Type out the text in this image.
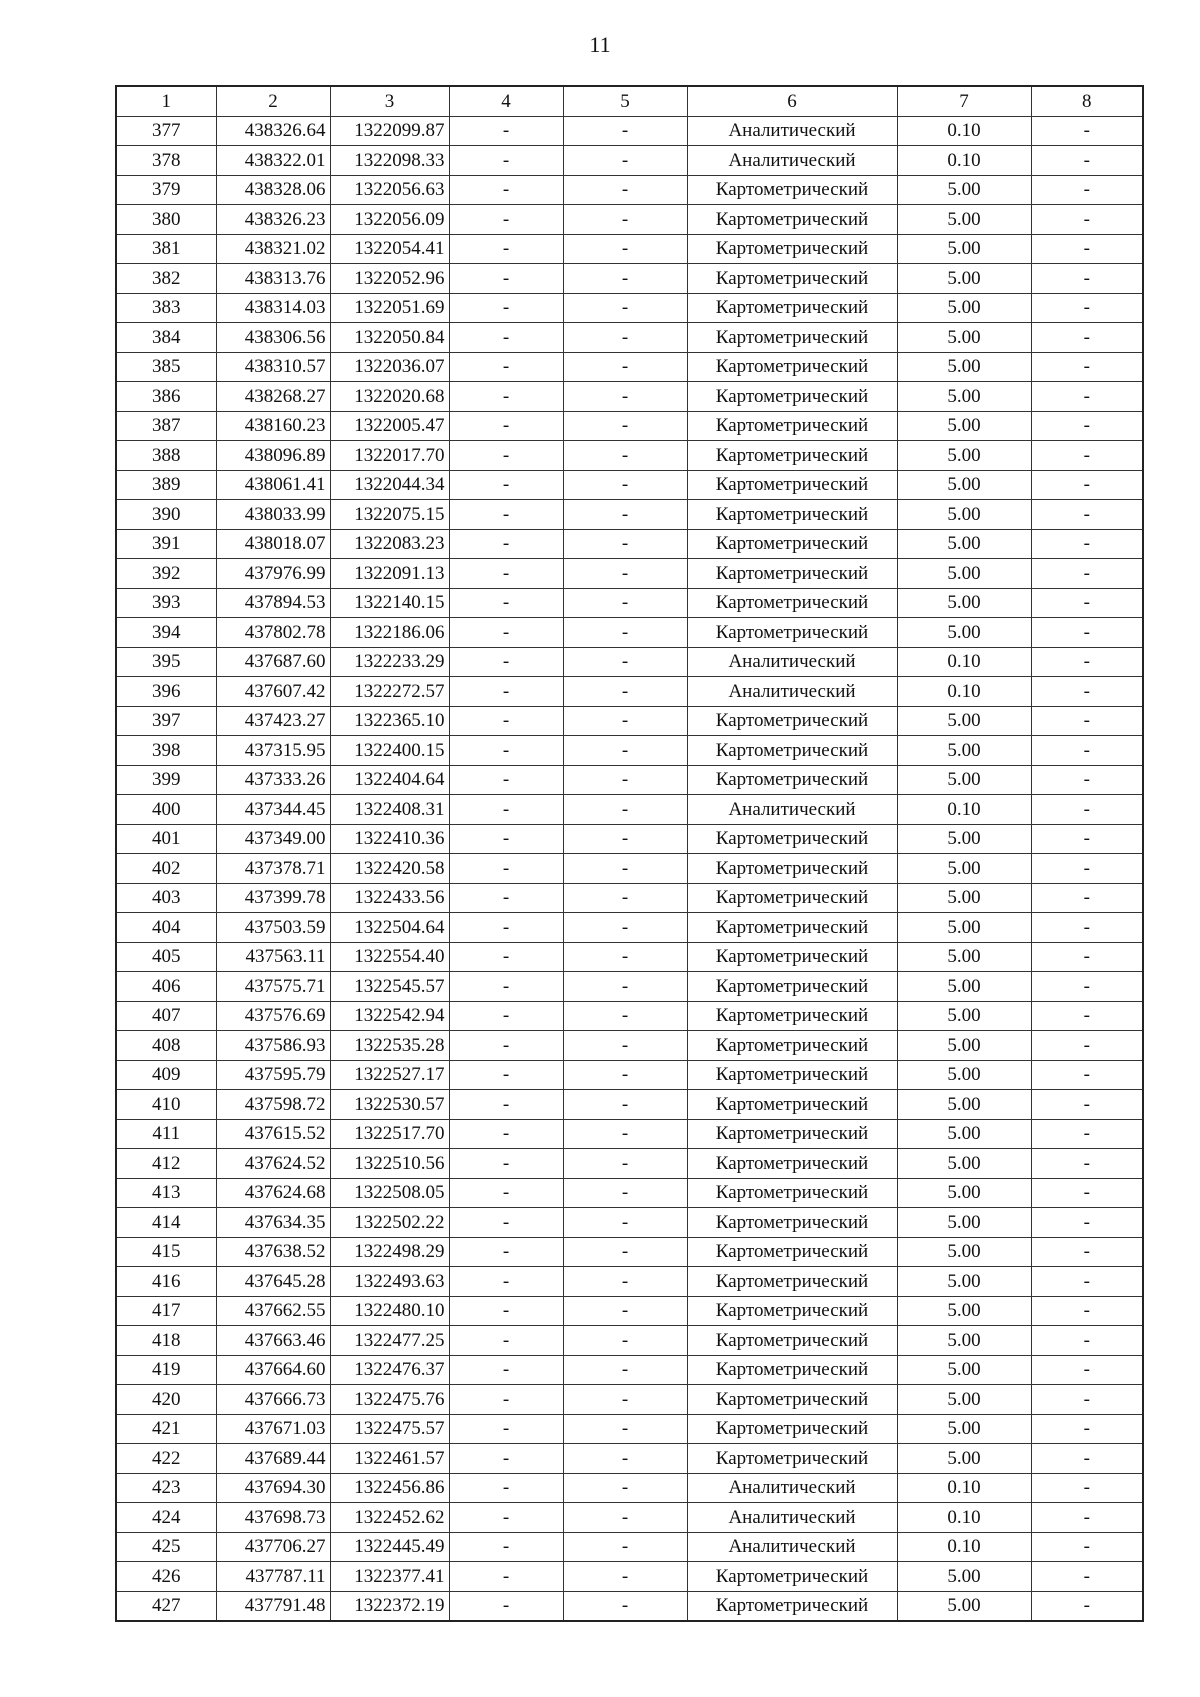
11
1	2	3	4	5	6	7	8
377	438326.64	1322099.87	-	-	Аналитический	0.10	-
378	438322.01	1322098.33	-	-	Аналитический	0.10	-
379	438328.06	1322056.63	-	-	Картометрический	5.00	-
380	438326.23	1322056.09	-	-	Картометрический	5.00	-
381	438321.02	1322054.41	-	-	Картометрический	5.00	-
382	438313.76	1322052.96	-	-	Картометрический	5.00	-
383	438314.03	1322051.69	-	-	Картометрический	5.00	-
384	438306.56	1322050.84	-	-	Картометрический	5.00	-
385	438310.57	1322036.07	-	-	Картометрический	5.00	-
386	438268.27	1322020.68	-	-	Картометрический	5.00	-
387	438160.23	1322005.47	-	-	Картометрический	5.00	-
388	438096.89	1322017.70	-	-	Картометрический	5.00	-
389	438061.41	1322044.34	-	-	Картометрический	5.00	-
390	438033.99	1322075.15	-	-	Картометрический	5.00	-
391	438018.07	1322083.23	-	-	Картометрический	5.00	-
392	437976.99	1322091.13	-	-	Картометрический	5.00	-
393	437894.53	1322140.15	-	-	Картометрический	5.00	-
394	437802.78	1322186.06	-	-	Картометрический	5.00	-
395	437687.60	1322233.29	-	-	Аналитический	0.10	-
396	437607.42	1322272.57	-	-	Аналитический	0.10	-
397	437423.27	1322365.10	-	-	Картометрический	5.00	-
398	437315.95	1322400.15	-	-	Картометрический	5.00	-
399	437333.26	1322404.64	-	-	Картометрический	5.00	-
400	437344.45	1322408.31	-	-	Аналитический	0.10	-
401	437349.00	1322410.36	-	-	Картометрический	5.00	-
402	437378.71	1322420.58	-	-	Картометрический	5.00	-
403	437399.78	1322433.56	-	-	Картометрический	5.00	-
404	437503.59	1322504.64	-	-	Картометрический	5.00	-
405	437563.11	1322554.40	-	-	Картометрический	5.00	-
406	437575.71	1322545.57	-	-	Картометрический	5.00	-
407	437576.69	1322542.94	-	-	Картометрический	5.00	-
408	437586.93	1322535.28	-	-	Картометрический	5.00	-
409	437595.79	1322527.17	-	-	Картометрический	5.00	-
410	437598.72	1322530.57	-	-	Картометрический	5.00	-
411	437615.52	1322517.70	-	-	Картометрический	5.00	-
412	437624.52	1322510.56	-	-	Картометрический	5.00	-
413	437624.68	1322508.05	-	-	Картометрический	5.00	-
414	437634.35	1322502.22	-	-	Картометрический	5.00	-
415	437638.52	1322498.29	-	-	Картометрический	5.00	-
416	437645.28	1322493.63	-	-	Картометрический	5.00	-
417	437662.55	1322480.10	-	-	Картометрический	5.00	-
418	437663.46	1322477.25	-	-	Картометрический	5.00	-
419	437664.60	1322476.37	-	-	Картометрический	5.00	-
420	437666.73	1322475.76	-	-	Картометрический	5.00	-
421	437671.03	1322475.57	-	-	Картометрический	5.00	-
422	437689.44	1322461.57	-	-	Картометрический	5.00	-
423	437694.30	1322456.86	-	-	Аналитический	0.10	-
424	437698.73	1322452.62	-	-	Аналитический	0.10	-
425	437706.27	1322445.49	-	-	Аналитический	0.10	-
426	437787.11	1322377.41	-	-	Картометрический	5.00	-
427	437791.48	1322372.19	-	-	Картометрический	5.00	-
